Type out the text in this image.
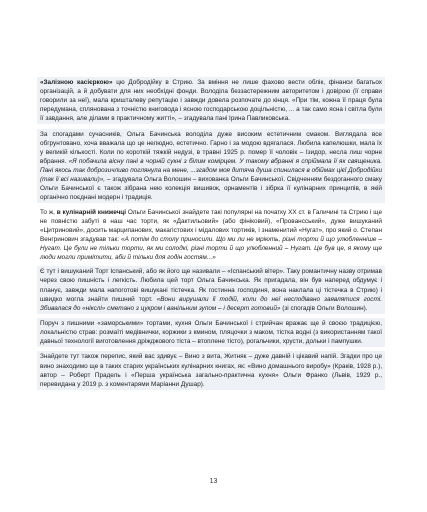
«Залізною касієркою» цю Добродійку в Стрию. За вміння не лише фахово вести облік, фінанси багатьох організацій, а й добувати для них необхідні фонди. Володіла беззастережним авторитетом і довірою (її справи говорили за неї), мала кришталеву репутацію і завжди довела розпочате до кінця. «При тім, кожна її праця була передумана, сплянована з точністю книговода і ясною господарською доцільністю, ... а так само ясна і світла були її завдання, але ділами в практичному житті», – згадувала пані Ірина Павликовська.
За спогадами сучасників, Ольга Бачинська володіла дуже високим естетичним смаком. Виглядала все обгрунтовано, хоча вважала що це нелюдно, естетично. Гарно і за модою вдягалася. Любила капелюшки, мала їх у великій кількості. Коли по короткій тяжкій недузі, в травні 1925 р. помер її чоловік – Ізидор, несла лиш чорне вбрання. «Я побачила вісну пані в чорній сукні з білим комірцем. У такому вбранні я спріймала її як священика. Пані якось так доброзичливо поглянула на мене, ...згадом моя дитяча душа спинилася в обіймах цієї Добродійки (так її всі називали)», – згадувала Ольга Волошин – вихованка Ольги Бачинської. Свідченням бездоганного смаку Ольги Бачинської є також зібрана нею колекція вишивок, орнаментів і зібрка її кулінарних принципів, в якій органічно поєднані модерн і традиція.
То ж, в кулінарній книжечці Ольги Бачинської знайдете такі популярні на початку XX ст. в Галичині та Стрию і ще не повністю забуті в наш час торти, як «Дактильовий» (або фініковий), «Провансський», дуже вишуканий «Цитриновий», досить марципанових, макагістових і мідалових тортиків, і знаменитий «Нугат», про який о. Степан Венгринович згадував так: «А потім до столу приносили. Що ми ли не мріють, різні торти й що улюбленніше – Нугат. Це були не тільки торти, як ми солодкі, різні торти й що улюбленний – Нугат. Це був це, я якому ще люди могли примітити, аби й тільки для годін гостям...»
Є тут і вишуканий Торт Іспанський, або як його ще називали – «Іспанський вітер». Таку романтичну назву отримав через свою пишність і легкість. Любила цей торт Ольга Бачинська. Як пригадала, він був наперед обдумує і планує, завжди мала напоготові вишукані тістечка. Як гостинна господиня, вона наклала ці тістечка в Стрию) і швидко могла знайти пишний торт. «Вони вирушали її тодій, коли до неї несподівано заявлятися гості. Збивалася до «нікслі» сметано з цукром і ванільним зупом – і десерт готовий» (зі спогадів Ольги Волошин).
Поруч з пишними «заморськими» тортами, кухня Ольги Бачинської і стрийчан вражає ще й своєю традицією, локальністю страв: розмаїті медівнички, коржики з кмином, пляцочки з маком, тістка водні (з використанням такої давньої технології виготовлення дріжджового тіста – втоплене тісто), рогальчики, хрусти, дольки і пампушки.
Знайдете тут також перепис, який вас здивує – Вино з вита, Житняк – дуже давній і цікавий напій. Згадки про це вино знаходимо ще в таких старих українських кулінарних книгах, як: «Вино домашнього виробу» (Краків, 1928 р.), автор – Роберт Прадель і «Перша українська загально-практична кухня» Ольги Франко (Львів, 1929 р., перевидана у 2019 р. з коментарями Маріанни Душар).
13
